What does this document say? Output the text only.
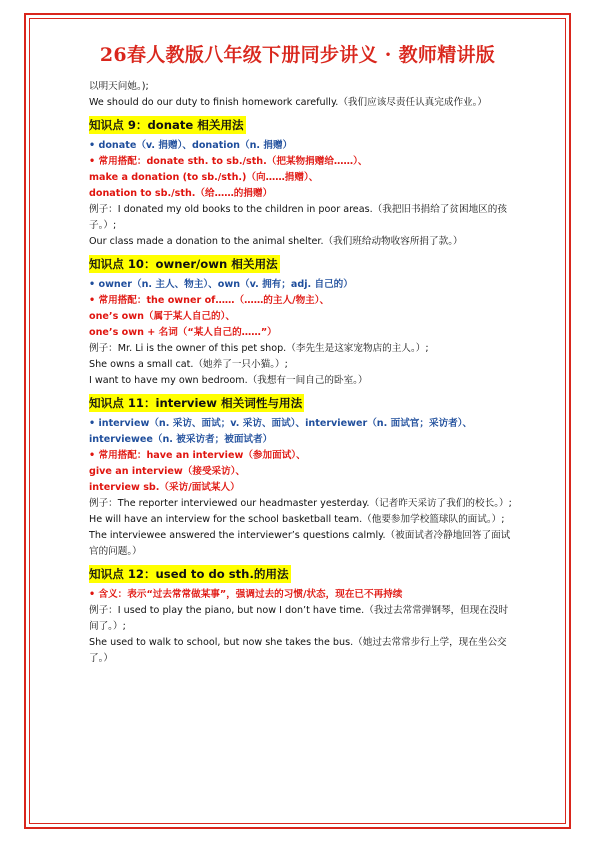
26春人教版八年级下册同步讲义 · 教师精讲版

以明天问她。);

We should do our duty to finish homework carefully.（我们应该尽责任认真完成作业。）

知识点 9：donate 相关用法

• donate（v. 捐赠）、donation（n. 捐赠）

• 常用搭配：donate sth. to sb./sth.（把某物捐赠给……）、

make a donation (to sb./sth.)（向……捐赠）、

donation to sb./sth.（给……的捐赠）

例子：I donated my old books to the children in poor areas.（我把旧书捐给了贫困地区的孩子。）;

Our class made a donation to the animal shelter.（我们班给动物收容所捐了款。）

知识点 10：owner/own 相关用法

• owner（n. 主人、物主）、own（v. 拥有；adj. 自己的）

• 常用搭配：the owner of……（……的主人/物主）、

one’s own（属于某人自己的）、

one’s own + 名词（“某人自己的……”）

例子：Mr. Li is the owner of this pet shop.（李先生是这家宠物店的主人。）;

She owns a small cat.（她养了一只小猫。）;

I want to have my own bedroom.（我想有一间自己的卧室。）

知识点 11：interview 相关词性与用法

• interview（n. 采访、面试；v. 采访、面试）、interviewer（n. 面试官；采访者）、interviewee（n. 被采访者；被面试者）

• 常用搭配：have an interview（参加面试）、

give an interview（接受采访）、

interview sb.（采访/面试某人）

例子：The reporter interviewed our headmaster yesterday.（记者昨天采访了我们的校长。）;

He will have an interview for the school basketball team.（他要参加学校篮球队的面试。）;

The interviewee answered the interviewer’s questions calmly.（被面试者冷静地回答了面试官的问题。）

知识点 12：used to do sth.的用法

• 含义：表示“过去常常做某事”，强调过去的习惯/状态，现在已不再持续

例子：I used to play the piano, but now I don’t have time.（我过去常常弹钢琴，但现在没时间了。）;

She used to walk to school, but now she takes the bus.（她过去常常步行上学，现在坐公交了。）
